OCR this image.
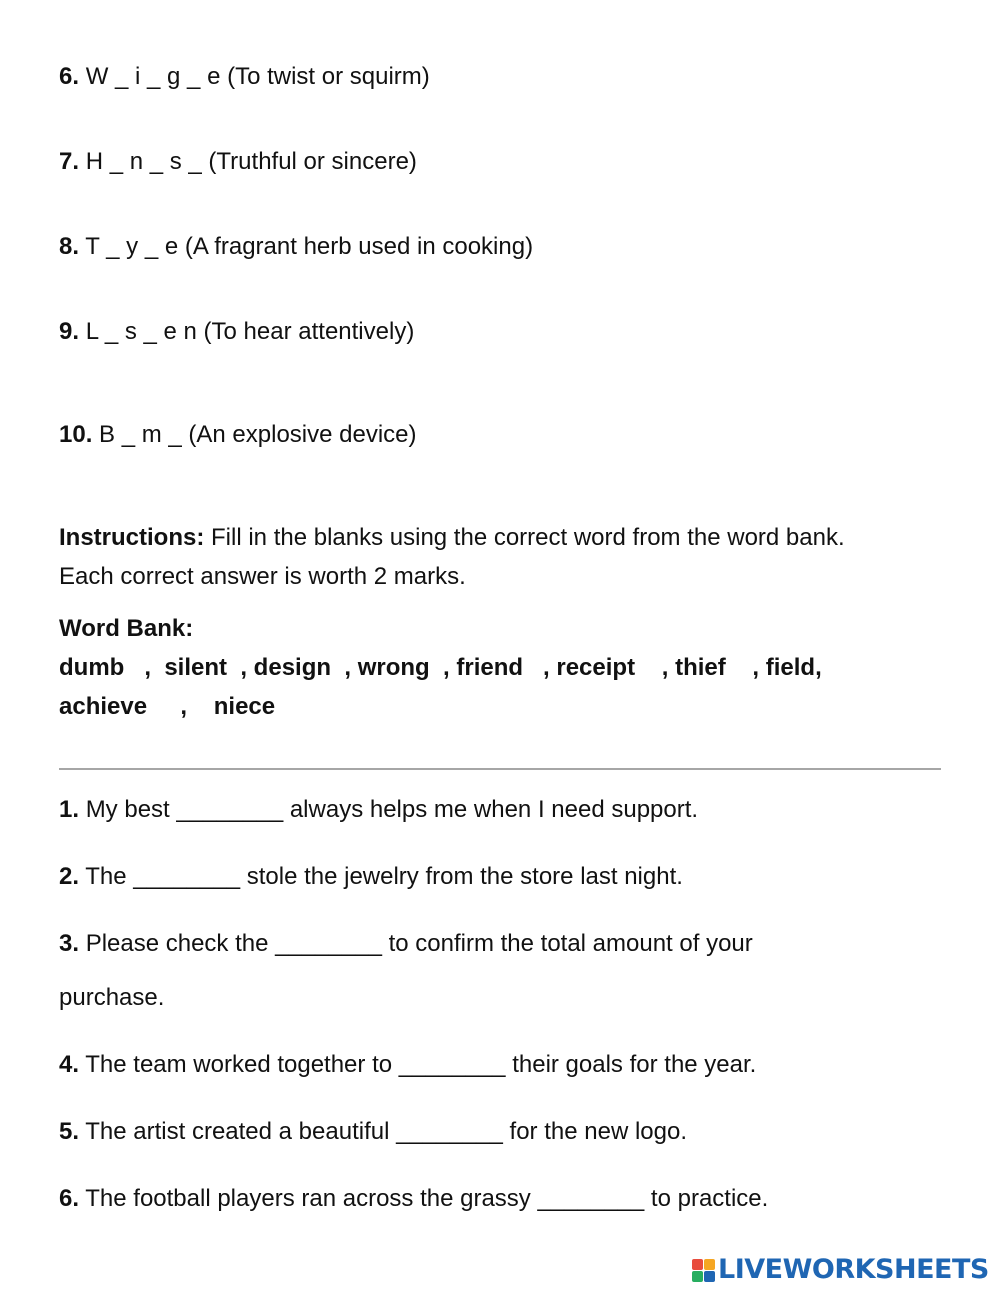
6. W _ i _ g _ e (To twist or squirm)
7. H _ n _ s _ (Truthful or sincere)
8. T _ y _ e (A fragrant herb used in cooking)
9. L _ s _ e n (To hear attentively)
10. B _ m _ (An explosive device)
Instructions: Fill in the blanks using the correct word from the word bank.
Each correct answer is worth 2 marks.
Word Bank:
dumb   ,  silent  , design  , wrong  , friend   , receipt    , thief    , field,
achieve     ,    niece
1. My best ________ always helps me when I need support.
2. The ________ stole the jewelry from the store last night.
3. Please check the ________ to confirm the total amount of your
purchase.
4. The team worked together to ________ their goals for the year.
5. The artist created a beautiful ________ for the new logo.
6. The football players ran across the grassy ________ to practice.
LIVEWORKSHEETS
